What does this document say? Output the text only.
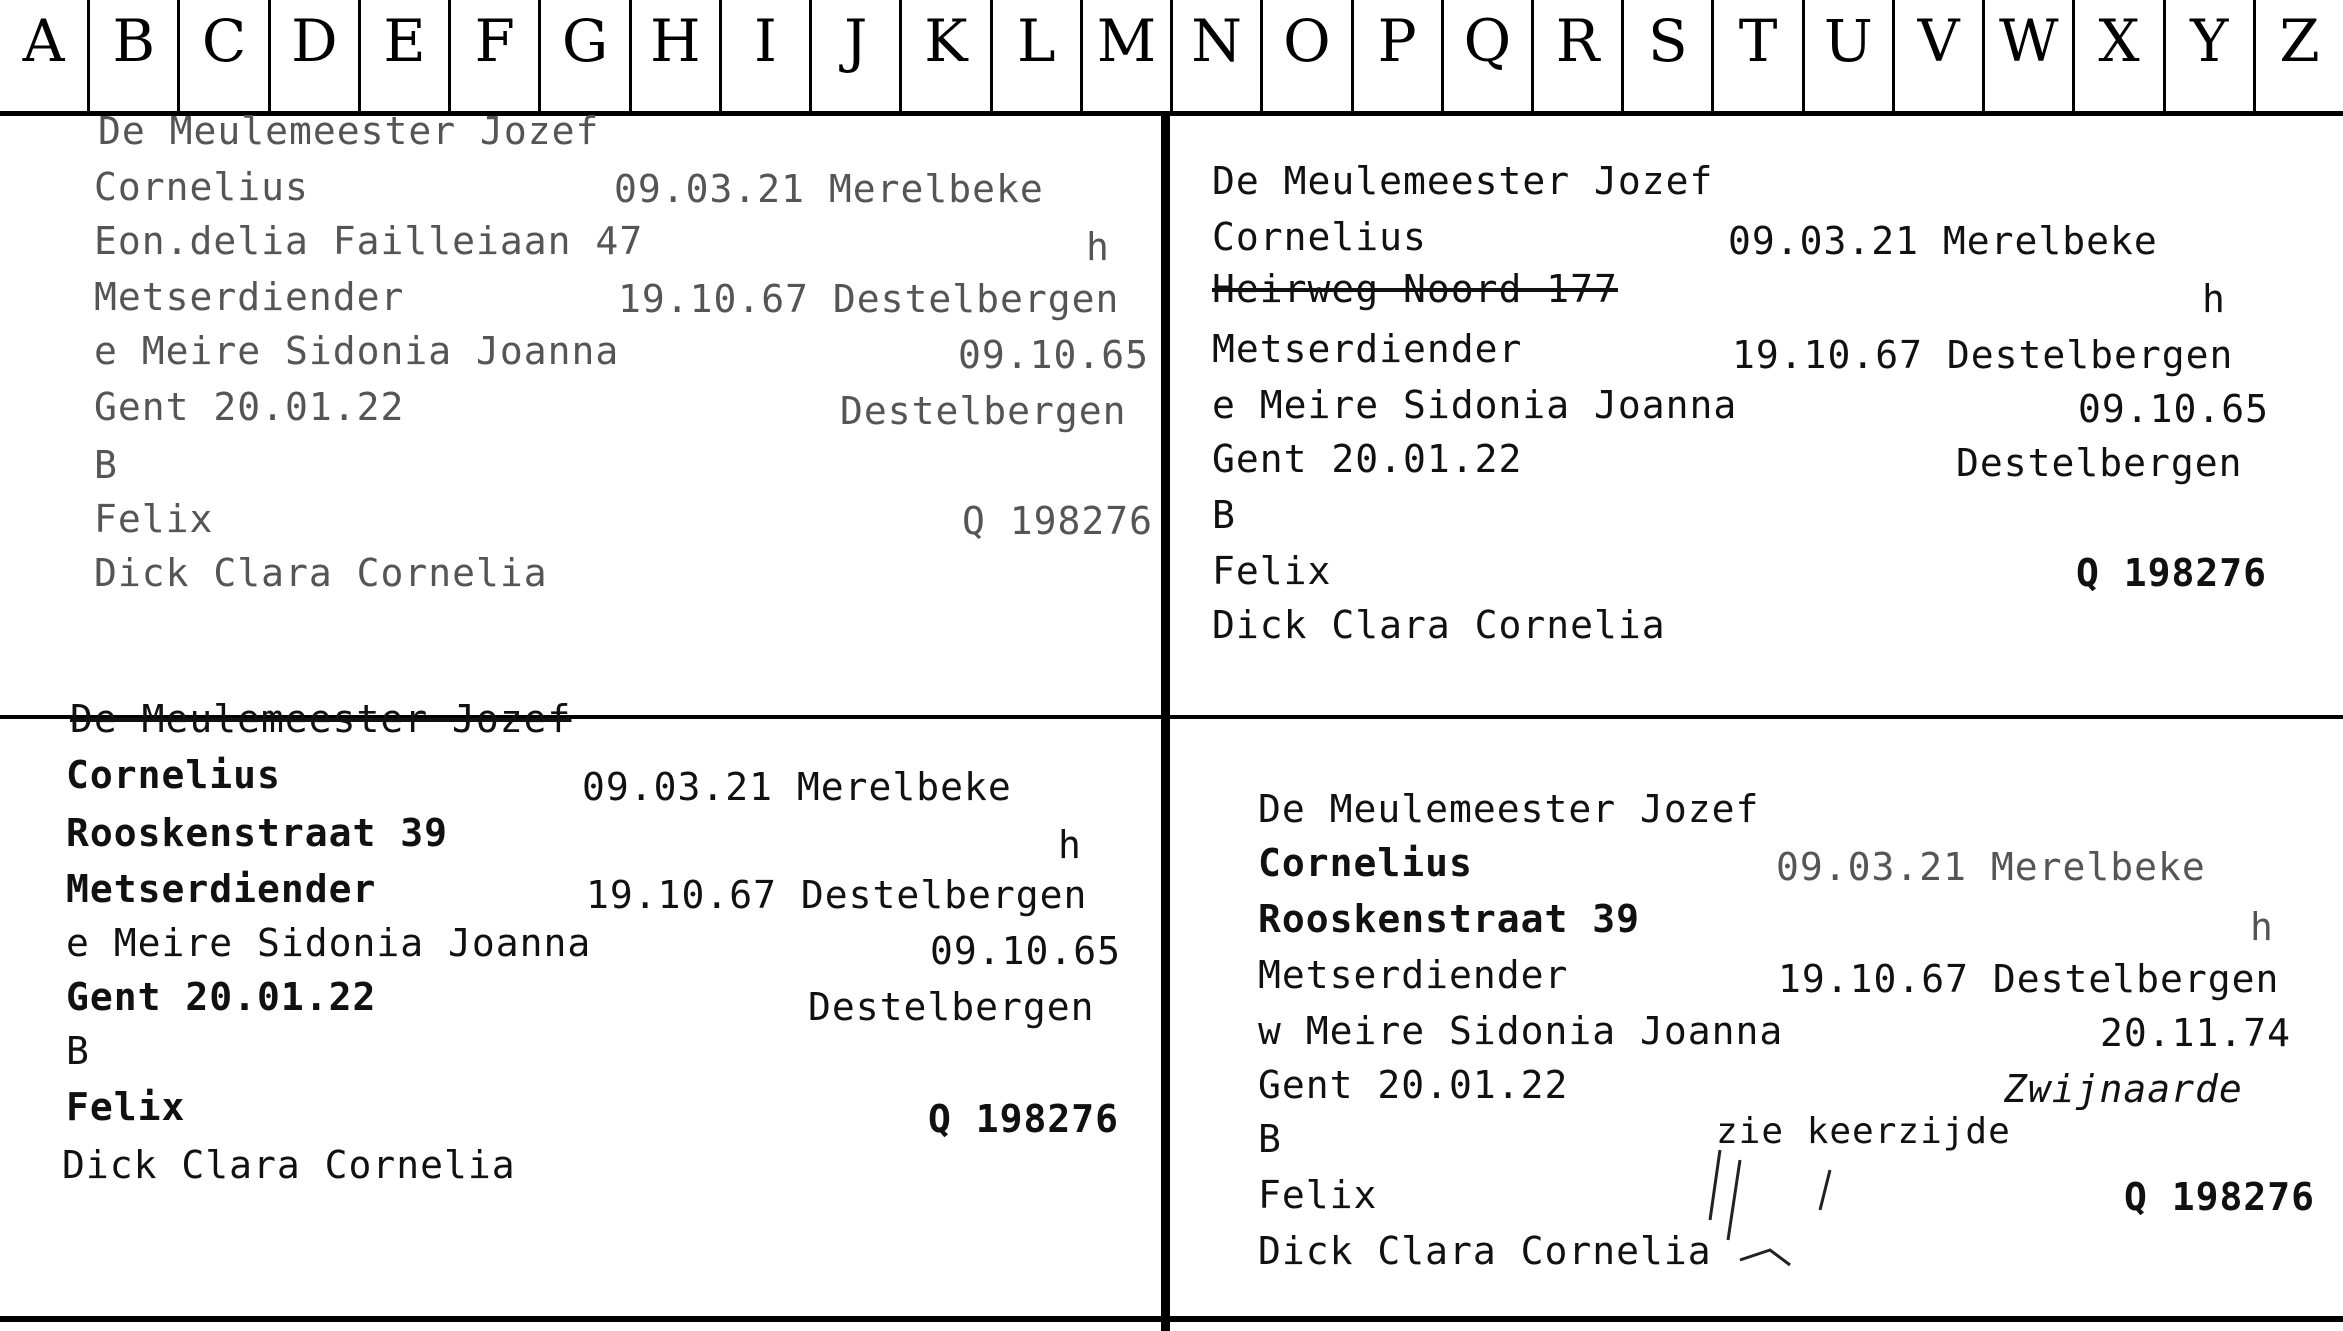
A B C D E F G H I	J K L M N O P Q R S T U V W X Y Z
De Meulemeester Jozef
Cornelius	09.03.21 Merelbeke
Eon.delia Failleiaan 47	h
Metserdiender	19.10.67 Destelbergen
e Meire Sidonia Joanna	09.10.65
Gent 20.01.22	Destelbergen
B
Felix	Q 198276
Dick Clara Cornelia
De Meulemeester Jozef
Cornelius	09.03.21 Merelbeke
Heirweg Noord 177	h
Metserdiender	19.10.67 Destelbergen
e Meire Sidonia Joanna	09.10.65
Gent 20.01.22	Destelbergen
B
Felix	Q 198276
Dick Clara Cornelia
De Meulemeester Jozef
Cornelius	09.03.21 Merelbeke
Rooskenstraat 39	h
Metserdiender	19.10.67 Destelbergen
e Meire Sidonia Joanna	09.10.65
Gent 20.01.22	Destelbergen
B
Felix	Q 198276
Dick Clara Cornelia
De Meulemeester Jozef
Cornelius	09.03.21 Merelbeke
Rooskenstraat 39	h
Metserdiender	19.10.67 Destelbergen
w Meire Sidonia Joanna	20.11.74
Gent 20.01.22	Zwijnaarde
B	zie keerzijde
Felix	Q 198276
Dick Clara Cornelia
